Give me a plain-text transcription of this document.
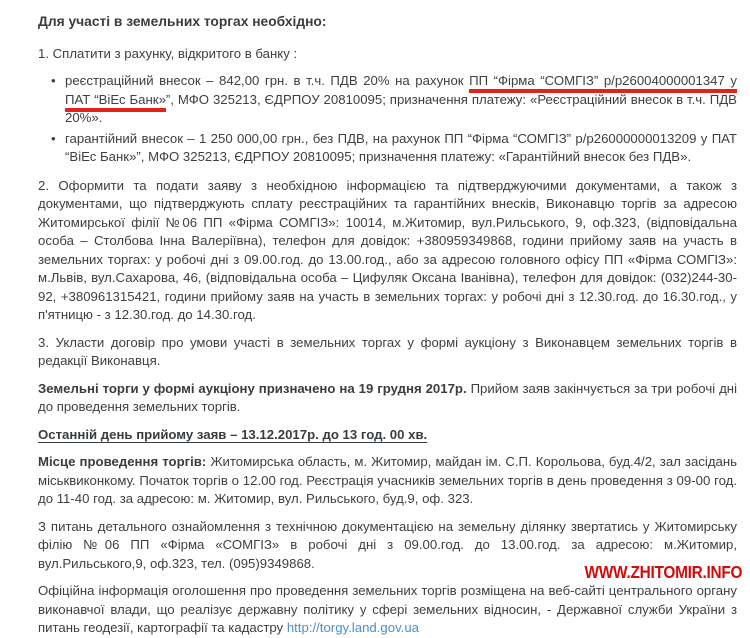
Для участі в земельних торгах необхідно:

1. Сплатити з рахунку, відкритого в банку :

• реєстраційний внесок – 842,00 грн. в т.ч. ПДВ 20% на рахунок ПП “Фірма “СОМГІЗ” р/р26004000001347 у ПАТ “ВіЕс Банк»”, МФО 325213, ЄДРПОУ 20810095; призначення платежу: «Реєстраційний внесок в т.ч. ПДВ 20%».
• гарантійний внесок – 1 250 000,00 грн., без ПДВ, на рахунок ПП “Фірма “СОМГІЗ” р/р26000000013209 у ПАТ “ВіЕс Банк»”, МФО 325213, ЄДРПОУ 20810095; призначення платежу: «Гарантійний внесок без ПДВ».

2. Оформити та подати заяву з необхідною інформацією та підтверджуючими документами, а також з документами, що підтверджують сплату реєстраційних та гарантійних внесків, Виконавцю торгів за адресою Житомирської філії №06 ПП «Фірма СОМГІЗ»: 10014, м.Житомир, вул.Рильського, 9, оф.323, (відповідальна особа – Столбова Інна Валеріївна), телефон для довідок: +380959349868, години прийому заяв на участь в земельних торгах: у робочі дні з 09.00.год. до 13.00.год., або за адресою головного офісу ПП «Фірма СОМГІЗ»: м.Львів, вул.Сахарова, 46, (відповідальна особа – Цифуляк Оксана Іванівна), телефон для довідок: (032)244-30-92, +380961315421, години прийому заяв на участь в земельних торгах: у робочі дні з 12.30.год. до 16.30.год., у п'ятницю - з 12.30.год. до 14.30.год.

3. Укласти договір про умови участі в земельних торгах у формі аукціону з Виконавцем земельних торгів в редакції Виконавця.

Земельні торги у формі аукціону призначено на 19 грудня 2017р. Прийом заяв закінчується за три робочі дні до проведення земельних торгів.

Останній день прийому заяв – 13.12.2017р. до 13 год. 00 хв.

Місце проведення торгів: Житомирська область, м. Житомир, майдан ім. С.П. Корольова, буд.4/2, зал засідань міськвиконкому. Початок торгів о 12.00 год. Реєстрація учасників земельних торгів в день проведення з 09-00 год. до 11-40 год. за адресою: м. Житомир, вул. Рильського, буд.9, оф. 323.

З питань детального ознайомлення з технічною документацією на земельну ділянку звертатись у Житомирську філію №06 ПП «Фірма «СОМГІЗ» в робочі дні з 09.00.год. до 13.00.год. за адресою: м.Житомир, вул.Рильського,9, оф.323, тел. (095)9349868.

Офіційна інформація оголошення про проведення земельних торгів розміщена на веб-сайті центрального органу виконавчої влади, що реалізує державну політику у сфері земельних відносин, - Державної служби України з питань геодезії, картографії та кадастру http://torgy.land.gov.ua

WWW.ZHITOMIR.INFO
